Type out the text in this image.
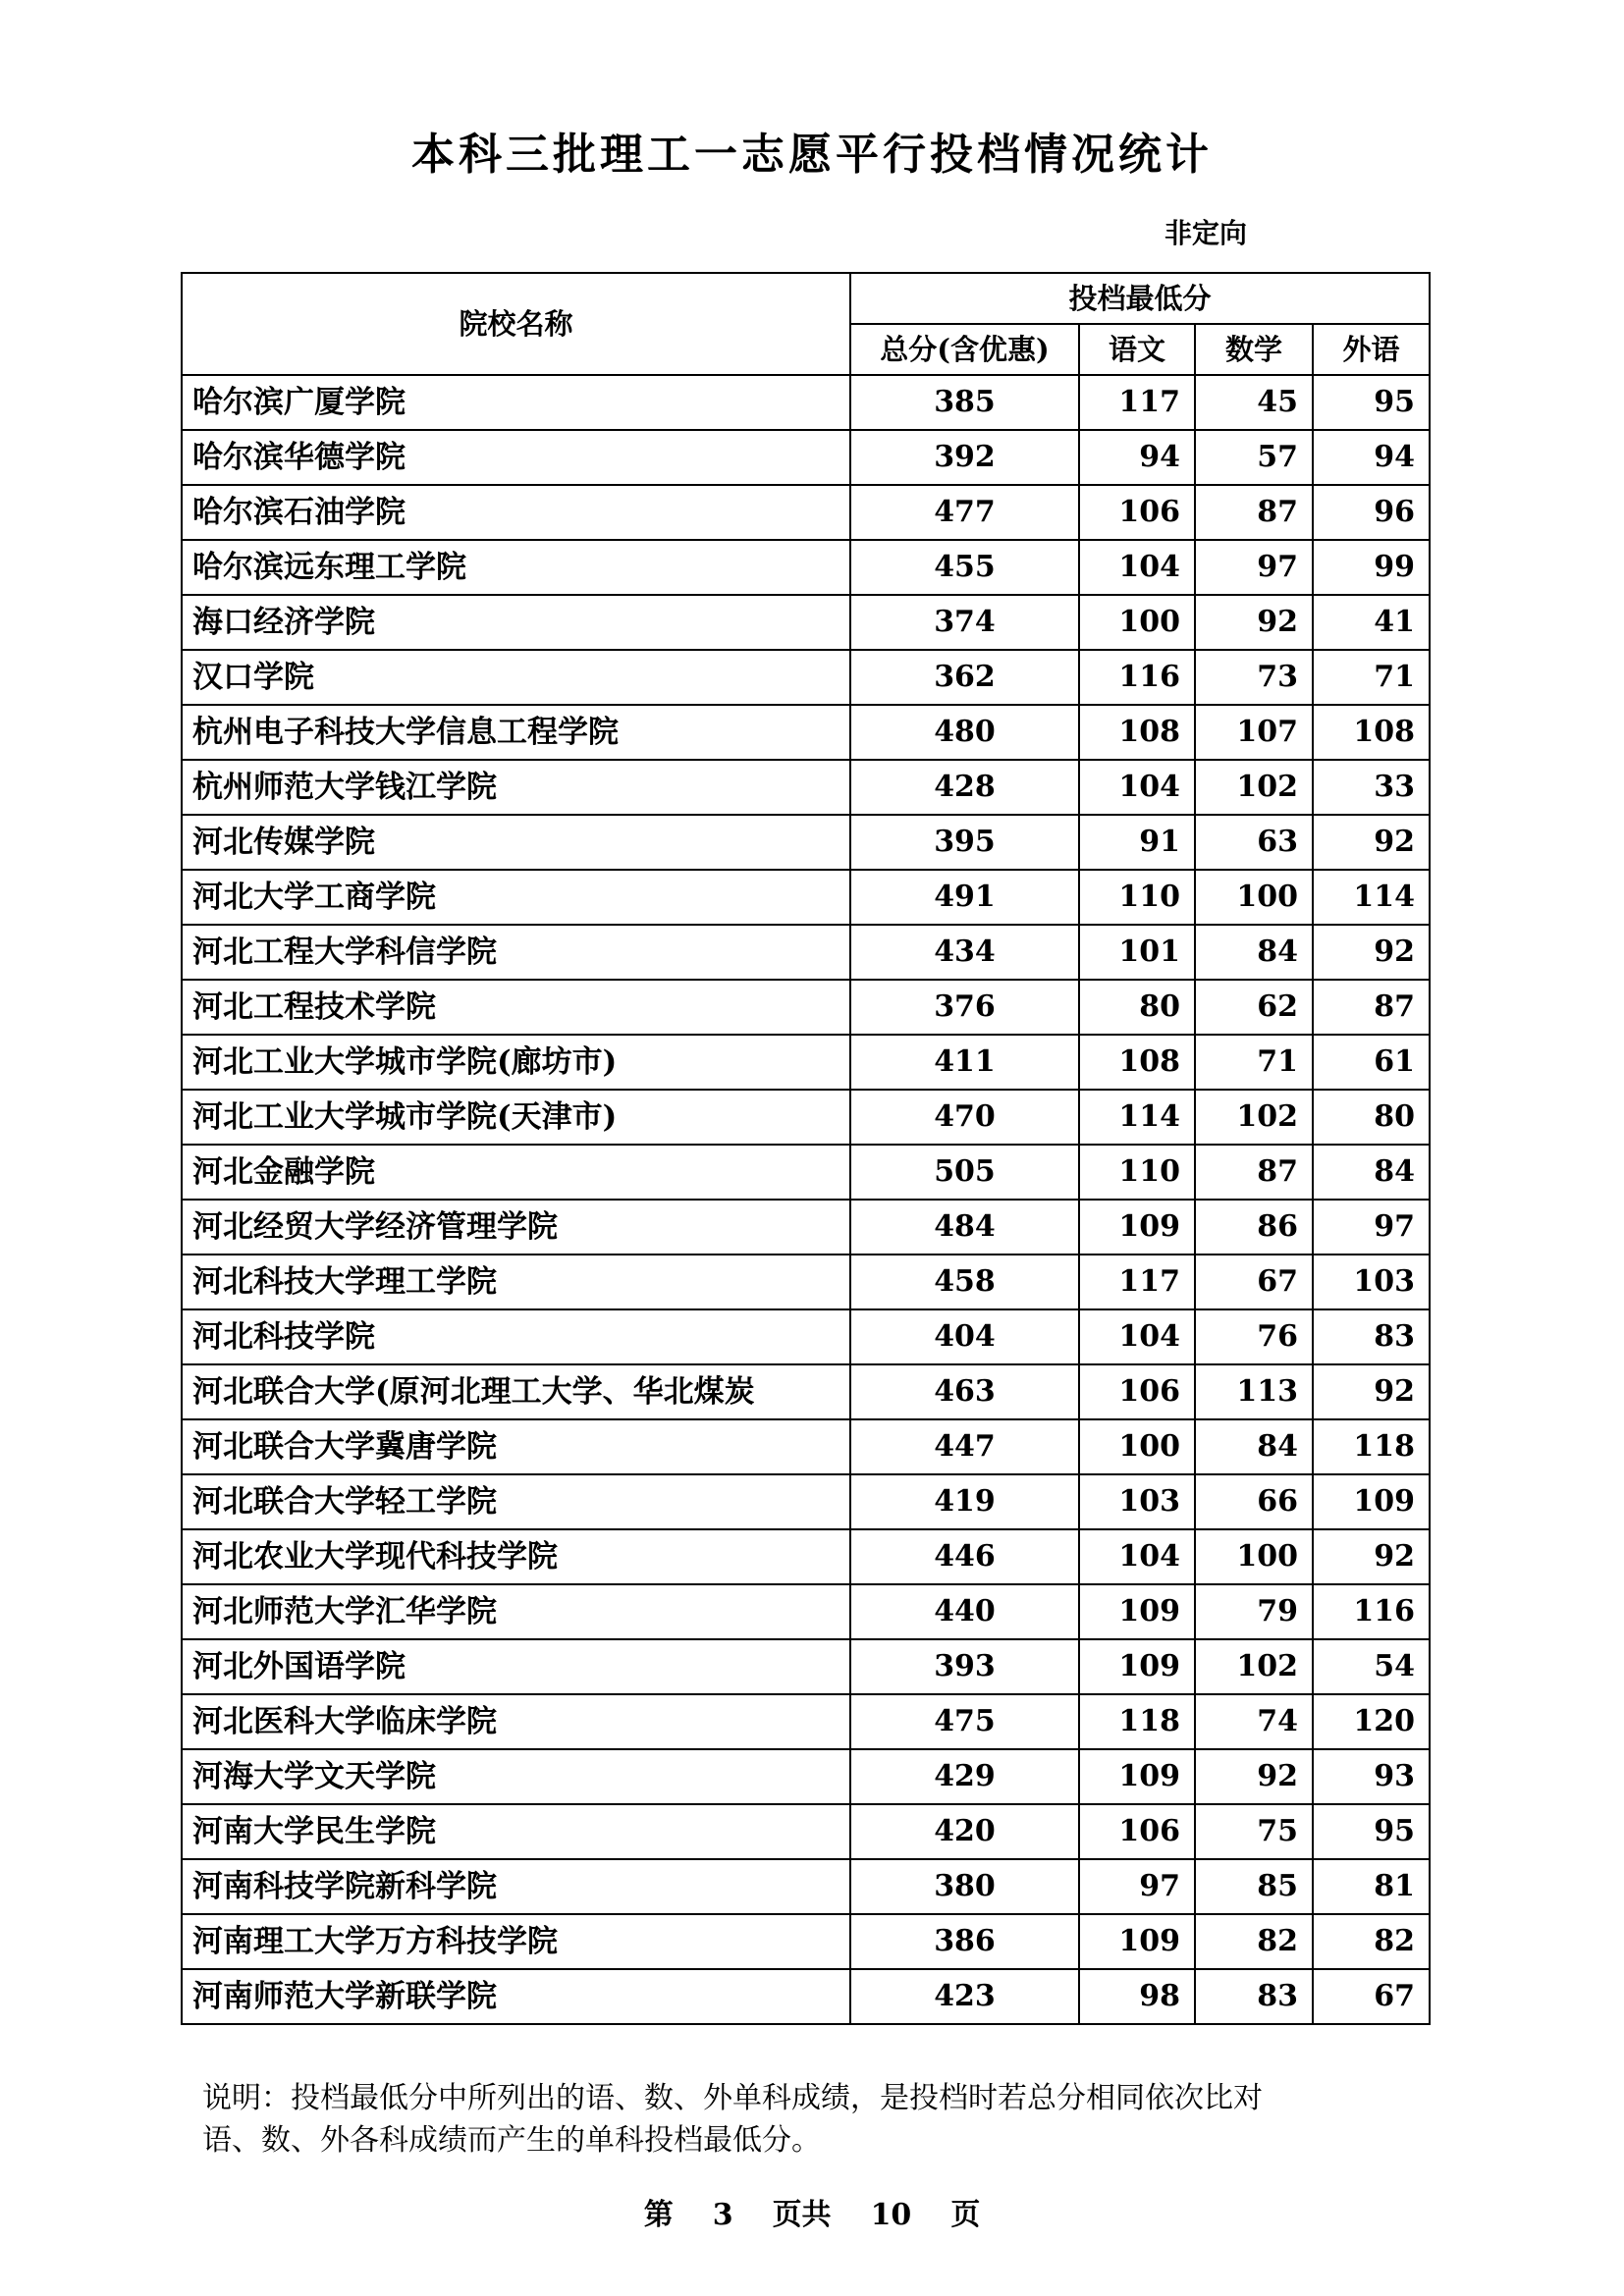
本科三批理工一志愿平行投档情况统计
非定向
院校名称	投档最低分			
	总分(含优惠)	语文	数学	外语
哈尔滨广厦学院	385	117	45	95
哈尔滨华德学院	392	94	57	94
哈尔滨石油学院	477	106	87	96
哈尔滨远东理工学院	455	104	97	99
海口经济学院	374	100	92	41
汉口学院	362	116	73	71
杭州电子科技大学信息工程学院	480	108	107	108
杭州师范大学钱江学院	428	104	102	33
河北传媒学院	395	91	63	92
河北大学工商学院	491	110	100	114
河北工程大学科信学院	434	101	84	92
河北工程技术学院	376	80	62	87
河北工业大学城市学院(廊坊市)	411	108	71	61
河北工业大学城市学院(天津市)	470	114	102	80
河北金融学院	505	110	87	84
河北经贸大学经济管理学院	484	109	86	97
河北科技大学理工学院	458	117	67	103
河北科技学院	404	104	76	83
河北联合大学(原河北理工大学、华北煤炭	463	106	113	92
河北联合大学冀唐学院	447	100	84	118
河北联合大学轻工学院	419	103	66	109
河北农业大学现代科技学院	446	104	100	92
河北师范大学汇华学院	440	109	79	116
河北外国语学院	393	109	102	54
河北医科大学临床学院	475	118	74	120
河海大学文天学院	429	109	92	93
河南大学民生学院	420	106	75	95
河南科技学院新科学院	380	97	85	81
河南理工大学万方科技学院	386	109	82	82
河南师范大学新联学院	423	98	83	67
说明：投档最低分中所列出的语、数、外单科成绩，是投档时若总分相同依次比对
语、数、外各科成绩而产生的单科投档最低分。
第 3 页共 10 页
